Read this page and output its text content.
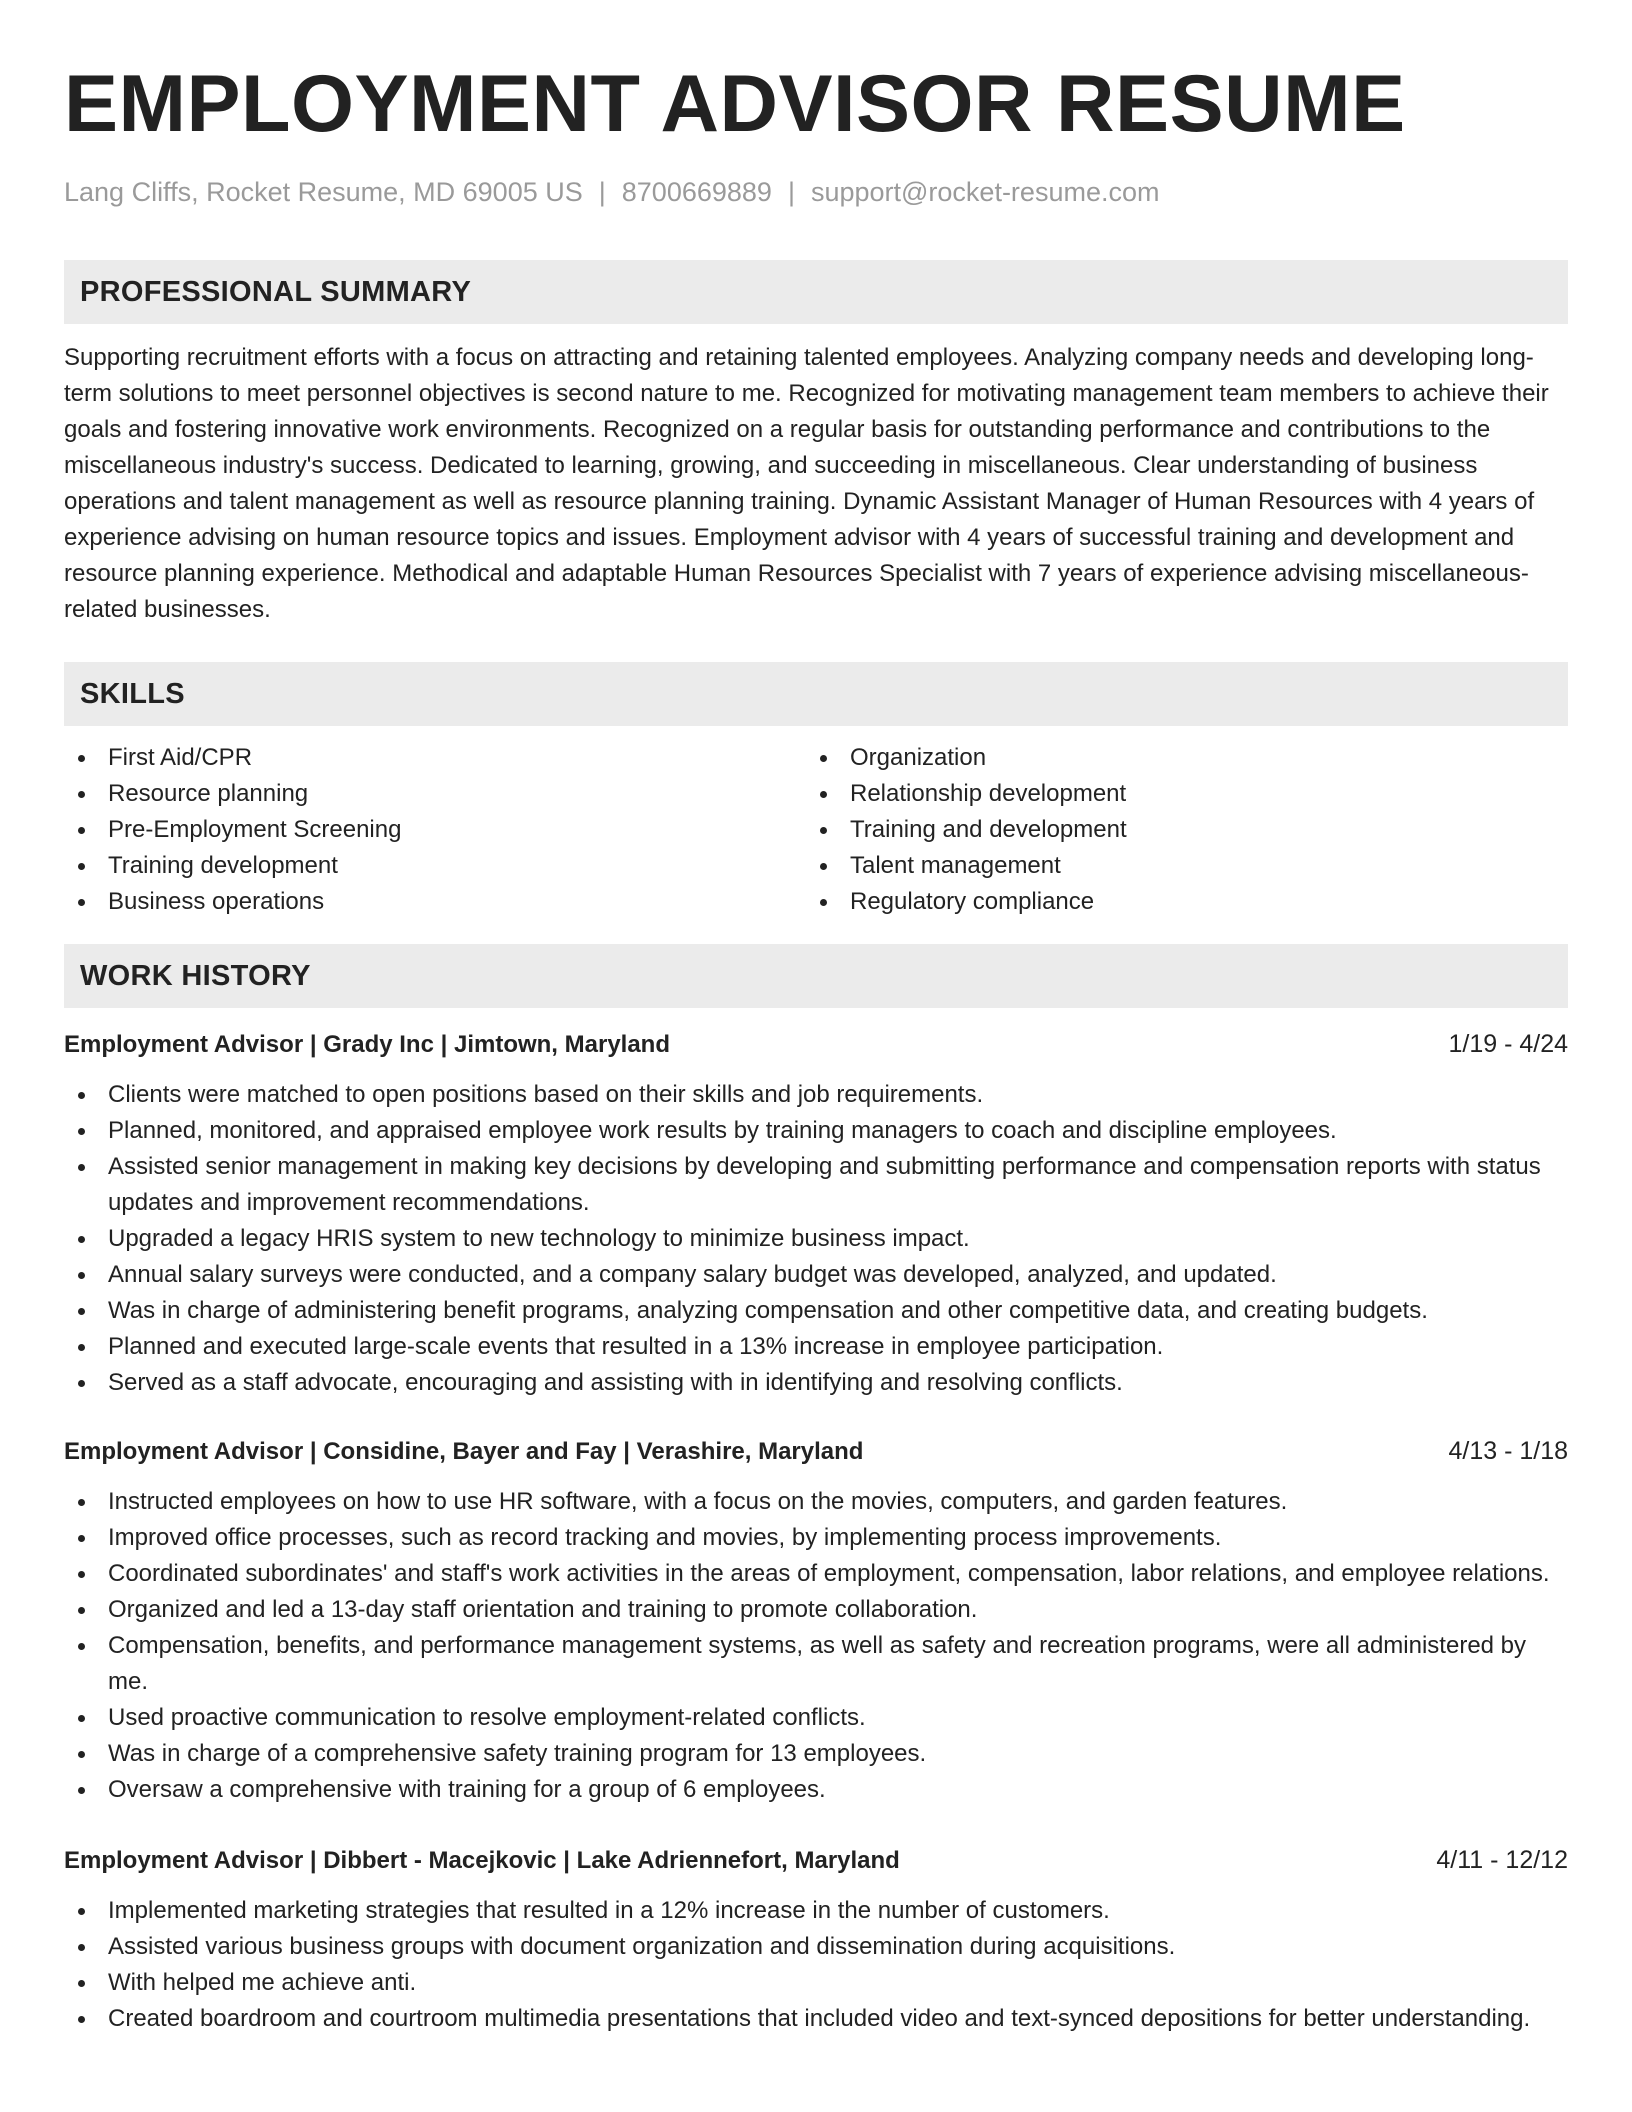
EMPLOYMENT ADVISOR RESUME
Lang Cliffs, Rocket Resume, MD 69005 US | 8700669889 | support@rocket-resume.com
PROFESSIONAL SUMMARY
Supporting recruitment efforts with a focus on attracting and retaining talented employees. Analyzing company needs and developing long-term solutions to meet personnel objectives is second nature to me. Recognized for motivating management team members to achieve their goals and fostering innovative work environments. Recognized on a regular basis for outstanding performance and contributions to the miscellaneous industry's success. Dedicated to learning, growing, and succeeding in miscellaneous. Clear understanding of business operations and talent management as well as resource planning training. Dynamic Assistant Manager of Human Resources with 4 years of experience advising on human resource topics and issues. Employment advisor with 4 years of successful training and development and resource planning experience. Methodical and adaptable Human Resources Specialist with 7 years of experience advising miscellaneous-related businesses.
SKILLS
First Aid/CPR
Resource planning
Pre-Employment Screening
Training development
Business operations
Organization
Relationship development
Training and development
Talent management
Regulatory compliance
WORK HISTORY
Employment Advisor | Grady Inc | Jimtown, Maryland	1/19 - 4/24
Clients were matched to open positions based on their skills and job requirements.
Planned, monitored, and appraised employee work results by training managers to coach and discipline employees.
Assisted senior management in making key decisions by developing and submitting performance and compensation reports with status updates and improvement recommendations.
Upgraded a legacy HRIS system to new technology to minimize business impact.
Annual salary surveys were conducted, and a company salary budget was developed, analyzed, and updated.
Was in charge of administering benefit programs, analyzing compensation and other competitive data, and creating budgets.
Planned and executed large-scale events that resulted in a 13% increase in employee participation.
Served as a staff advocate, encouraging and assisting with in identifying and resolving conflicts.
Employment Advisor | Considine, Bayer and Fay | Verashire, Maryland	4/13 - 1/18
Instructed employees on how to use HR software, with a focus on the movies, computers, and garden features.
Improved office processes, such as record tracking and movies, by implementing process improvements.
Coordinated subordinates' and staff's work activities in the areas of employment, compensation, labor relations, and employee relations.
Organized and led a 13-day staff orientation and training to promote collaboration.
Compensation, benefits, and performance management systems, as well as safety and recreation programs, were all administered by me.
Used proactive communication to resolve employment-related conflicts.
Was in charge of a comprehensive safety training program for 13 employees.
Oversaw a comprehensive with training for a group of 6 employees.
Employment Advisor | Dibbert - Macejkovic | Lake Adriennefort, Maryland	4/11 - 12/12
Implemented marketing strategies that resulted in a 12% increase in the number of customers.
Assisted various business groups with document organization and dissemination during acquisitions.
With helped me achieve anti.
Created boardroom and courtroom multimedia presentations that included video and text-synced depositions for better understanding.
